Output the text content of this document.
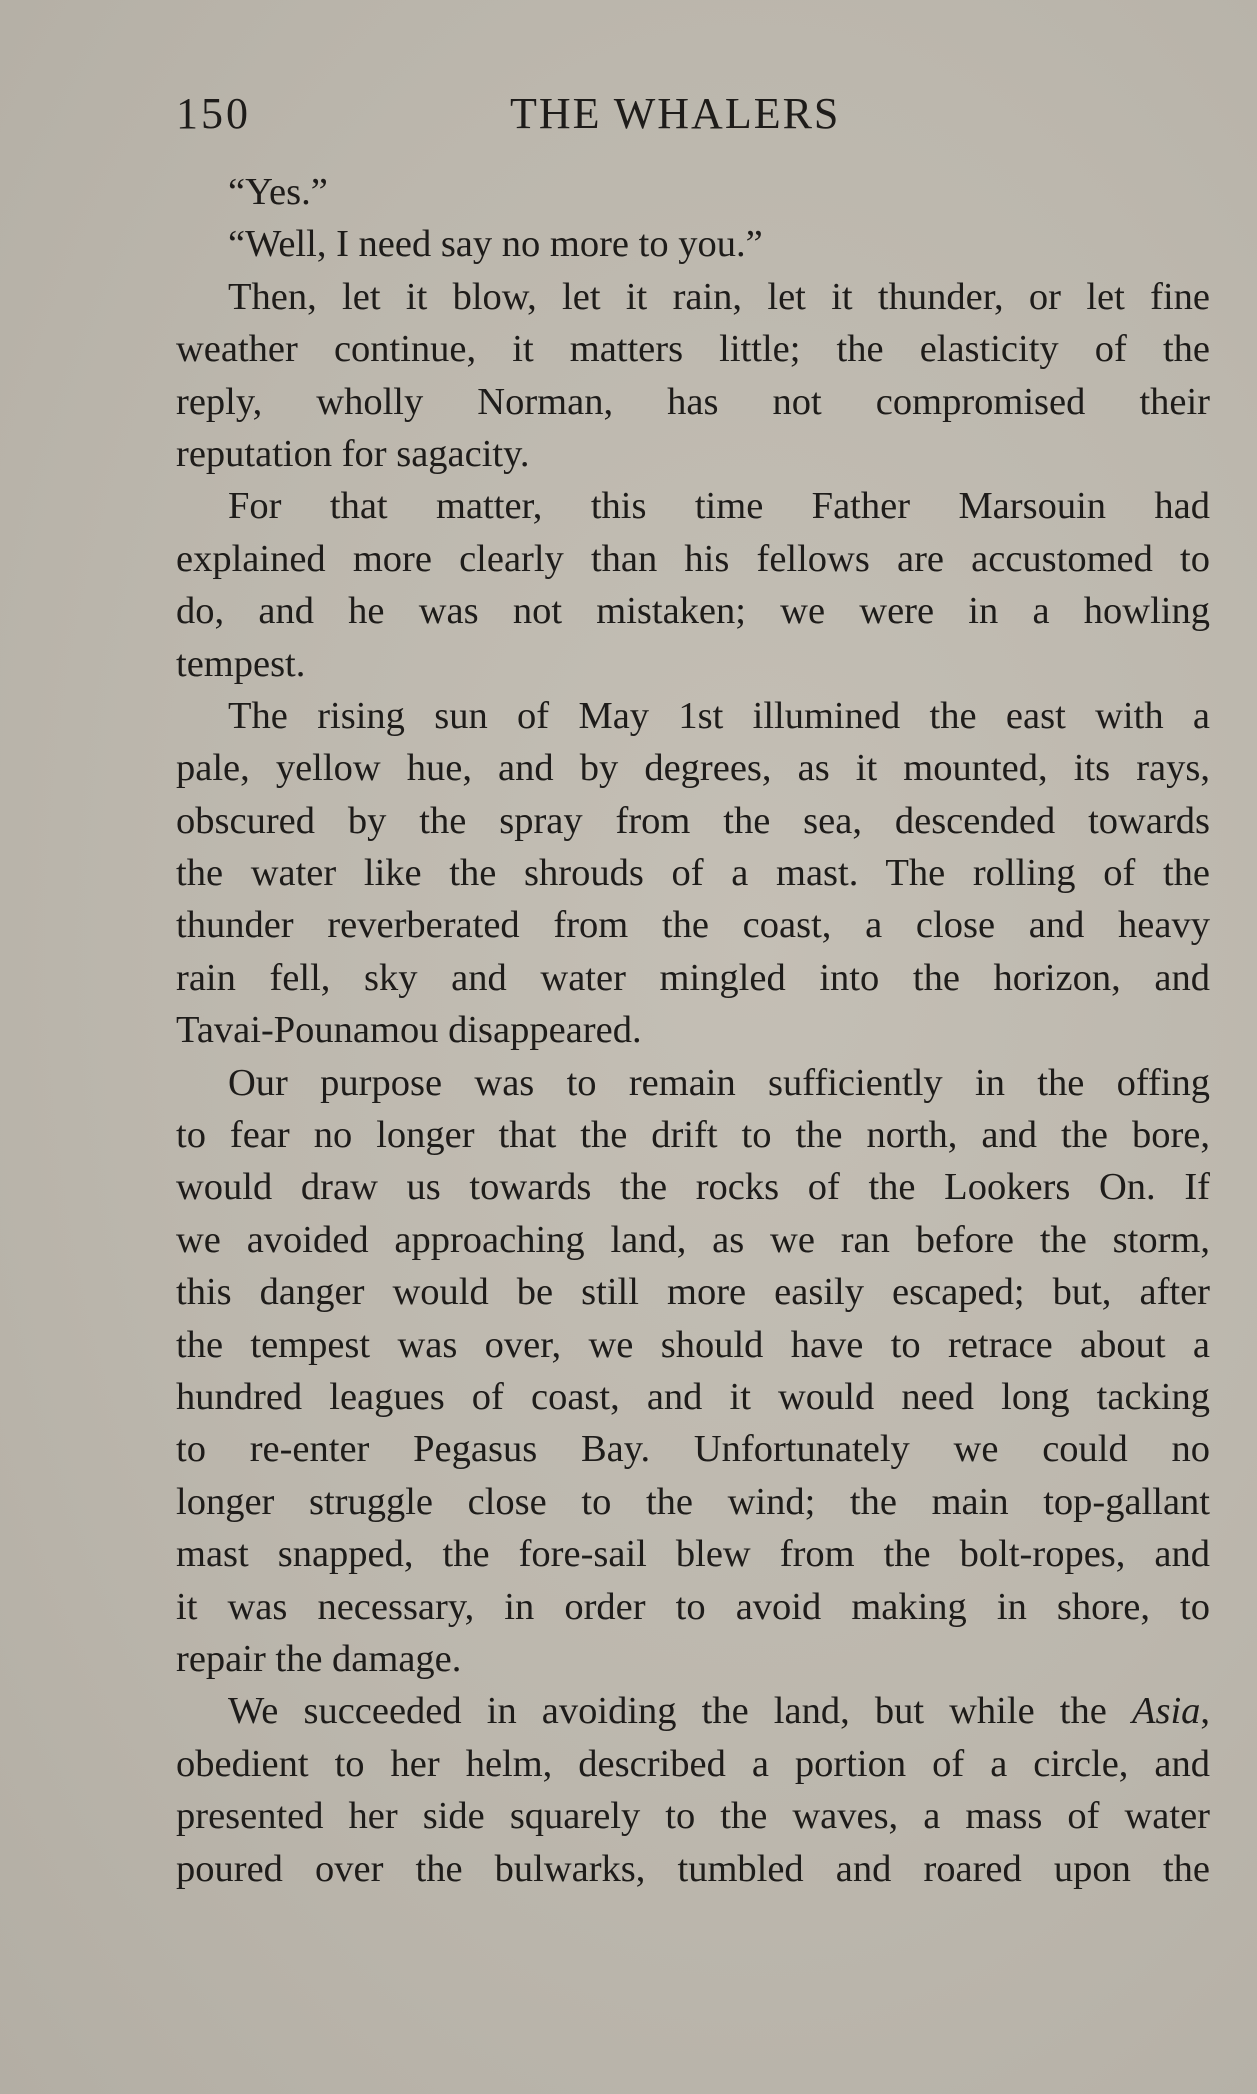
150	THE WHALERS
“Yes.”
“Well, I need say no more to you.”
Then, let it blow, let it rain, let it thunder, or let fine
weather continue, it matters little; the elasticity of the
reply, wholly Norman, has not compromised their
reputation for sagacity.
For that matter, this time Father Marsouin had
explained more clearly than his fellows are accustomed to
do, and he was not mistaken; we were in a howling
tempest.
The rising sun of May 1st illumined the east with a
pale, yellow hue, and by degrees, as it mounted, its rays,
obscured by the spray from the sea, descended towards
the water like the shrouds of a mast. The rolling of the
thunder reverberated from the coast, a close and heavy
rain fell, sky and water mingled into the horizon, and
Tavai-Pounamou disappeared.
Our purpose was to remain sufficiently in the offing
to fear no longer that the drift to the north, and the bore,
would draw us towards the rocks of the Lookers On. If
we avoided approaching land, as we ran before the storm,
this danger would be still more easily escaped; but, after
the tempest was over, we should have to retrace about a
hundred leagues of coast, and it would need long tacking
to re-enter Pegasus Bay. Unfortunately we could no
longer struggle close to the wind; the main top-gallant
mast snapped, the fore-sail blew from the bolt-ropes, and
it was necessary, in order to avoid making in shore, to
repair the damage.
We succeeded in avoiding the land, but while the Asia,
obedient to her helm, described a portion of a circle, and
presented her side squarely to the waves, a mass of water
poured over the bulwarks, tumbled and roared upon the
